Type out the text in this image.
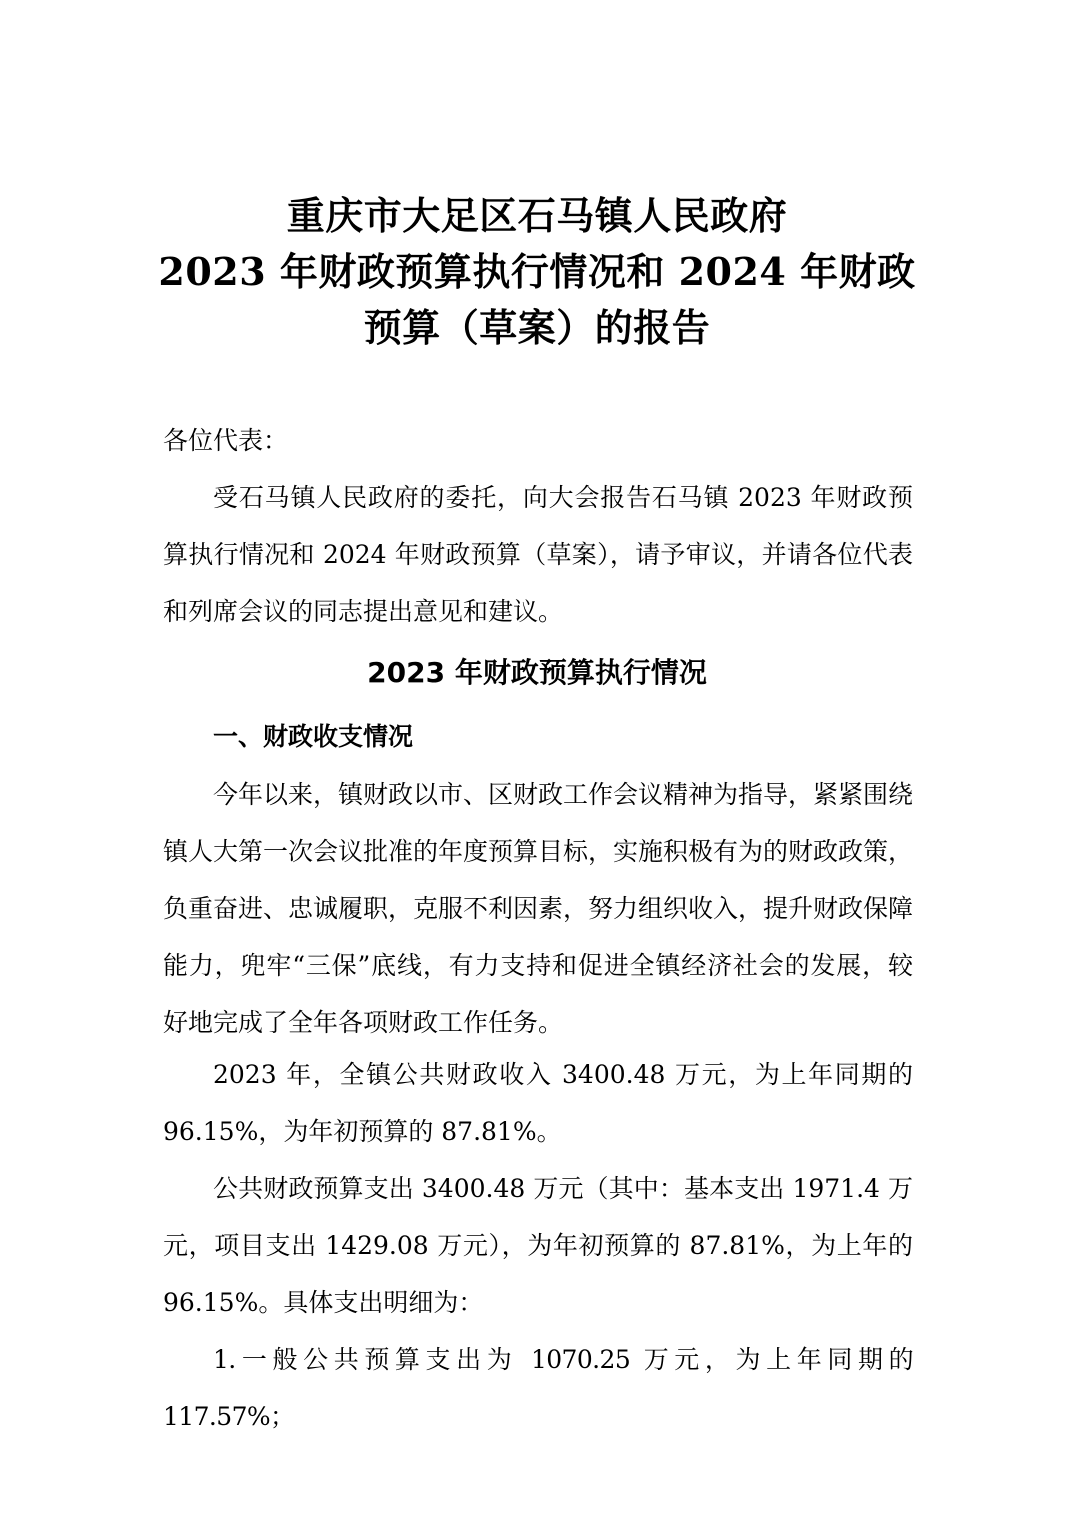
重庆市大足区石马镇人民政府
2023 年财政预算执行情况和 2024 年财政
预算（草案）的报告
各位代表：
受石马镇人民政府的委托，向大会报告石马镇 2023 年财政预算执行情况和 2024 年财政预算（草案），请予审议，并请各位代表和列席会议的同志提出意见和建议。
2023 年财政预算执行情况
一、财政收支情况
今年以来，镇财政以市、区财政工作会议精神为指导，紧紧围绕镇人大第一次会议批准的年度预算目标，实施积极有为的财政政策，负重奋进、忠诚履职，克服不利因素，努力组织收入，提升财政保障能力，兜牢“三保”底线，有力支持和促进全镇经济社会的发展，较好地完成了全年各项财政工作任务。
2023 年，全镇公共财政收入 3400.48 万元，为上年同期的 96.15%，为年初预算的 87.81%。
公共财政预算支出 3400.48 万元（其中：基本支出 1971.4 万元，项目支出 1429.08 万元），为年初预算的 87.81%，为上年的 96.15%。具体支出明细为：
1.一般公共预算支出为 1070.25 万元，为上年同期的 117.57%；
